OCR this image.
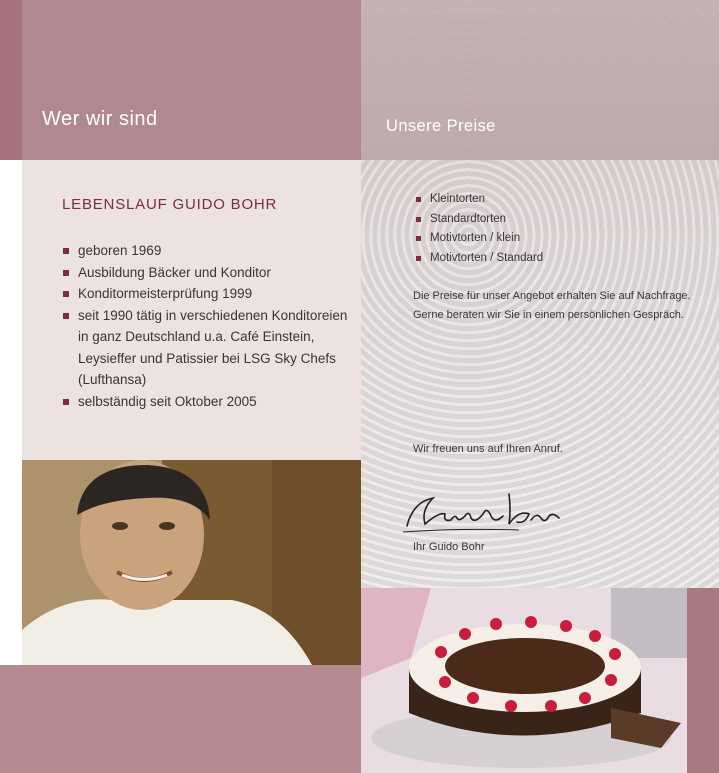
Wer wir sind
LEBENSLAUF GUIDO BOHR
geboren 1969
Ausbildung Bäcker und Konditor
Konditormeisterprüfung 1999
seit 1990 tätig in verschiedenen Konditoreien in ganz Deutschland u.a. Café Einstein, Leysieffer und Patissier bei LSG Sky Chefs (Lufthansa)
selbständig seit Oktober 2005
Unsere Preise
Kleintorten
Standardtorten
Motivtorten / klein
Motivtorten / Standard
Die Preise für unser Angebot erhalten Sie auf Nachfrage. Gerne beraten wir Sie in einem persönlichen Gespräch.
Wir freuen uns auf Ihren Anruf.
Ihr Guido Bohr
